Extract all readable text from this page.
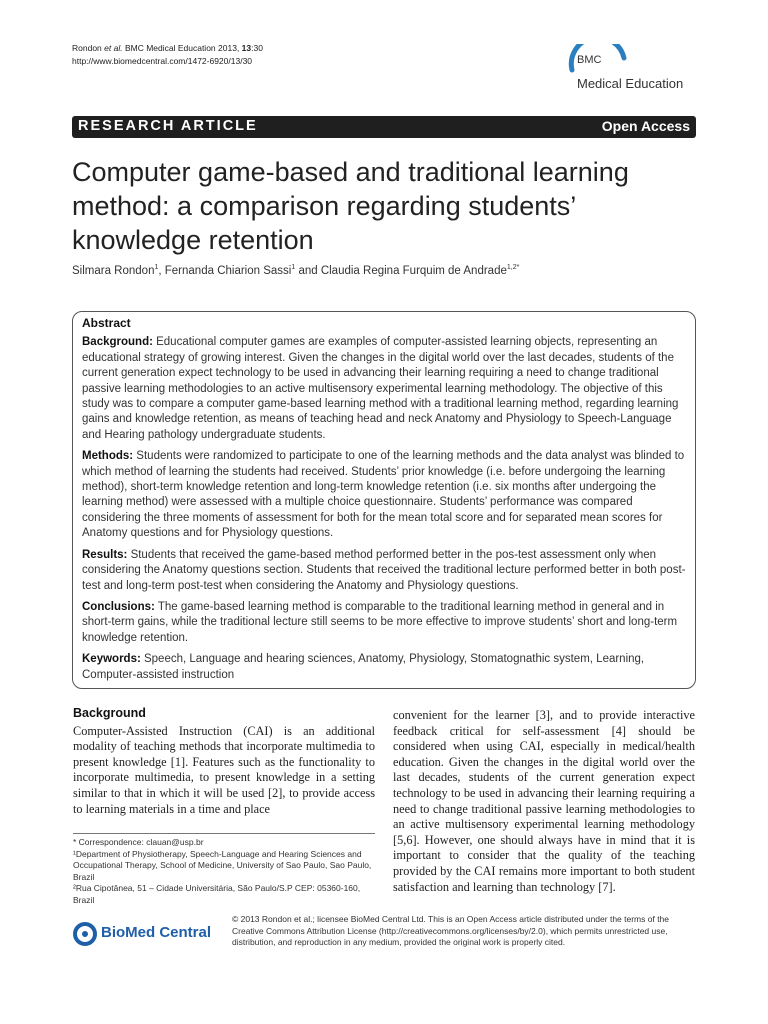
Rondon et al. BMC Medical Education 2013, 13:30
http://www.biomedcentral.com/1472-6920/13/30	BMC
Medical Education
RESEARCH ARTICLE	Open Access
Computer game-based and traditional learning method: a comparison regarding students’ knowledge retention
Silmara Rondon$^1$, Fernanda Chiarion Sassi$^1$ and Claudia Regina Furquim de Andrade$^{1,2*}$
Abstract

Background: Educational computer games are examples of computer-assisted learning objects, representing an educational strategy of growing interest. Given the changes in the digital world over the last decades, students of the current generation expect technology to be used in advancing their learning requiring a need to change traditional passive learning methodologies to an active multisensory experimental learning methodology. The objective of this study was to compare a computer game-based learning method with a traditional learning method, regarding learning gains and knowledge retention, as means of teaching head and neck Anatomy and Physiology to Speech-Language and Hearing pathology undergraduate students.

Methods: Students were randomized to participate to one of the learning methods and the data analyst was blinded to which method of learning the students had received. Students’ prior knowledge (i.e. before undergoing the learning method), short-term knowledge retention and long-term knowledge retention (i.e. six months after undergoing the learning method) were assessed with a multiple choice questionnaire. Students’ performance was compared considering the three moments of assessment for both for the mean total score and for separated mean scores for Anatomy questions and for Physiology questions.

Results: Students that received the game-based method performed better in the pos-test assessment only when considering the Anatomy questions section. Students that received the traditional lecture performed better in both post-test and long-term post-test when considering the Anatomy and Physiology questions.

Conclusions: The game-based learning method is comparable to the traditional learning method in general and in short-term gains, while the traditional lecture still seems to be more effective to improve students’ short and long-term knowledge retention.

Keywords: Speech, Language and hearing sciences, Anatomy, Physiology, Stomatognathic system, Learning, Computer-assisted instruction

Background

Computer-Assisted Instruction (CAI) is an additional modality of teaching methods that incorporate multimedia to present knowledge [1]. Features such as the functionality to incorporate multimedia, to present knowledge in a setting similar to that in which it will be used [2], to provide access to learning materials in a time and place

convenient for the learner [3], and to provide interactive feedback critical for self-assessment [4] should be considered when using CAI, especially in medical/health education. Given the changes in the digital world over the last decades, students of the current generation expect technology to be used in advancing their learning requiring a need to change traditional passive learning methodologies to an active multisensory experimental learning methodology [5,6]. However, one should always have in mind that it is important to consider that the quality of the teaching provided by the CAI remains more important to both student satisfaction and learning than technology [7].

* Correspondence: clauan@usp.br

¹Department of Physiotherapy, Speech-Language and Hearing Sciences and Occupational Therapy, School of Medicine, University of Sao Paulo, Sao Paulo, Brazil

²Rua Cipotânea, 51 – Cidade Universitária, São Paulo/S.P CEP: 05360-160, Brazil

BioMed Central
© 2013 Rondon et al.; licensee BioMed Central Ltd. This is an Open Access article distributed under the terms of the Creative Commons Attribution License (http://creativecommons.org/licenses/by/2.0), which permits unrestricted use, distribution, and reproduction in any medium, provided the original work is properly cited.
